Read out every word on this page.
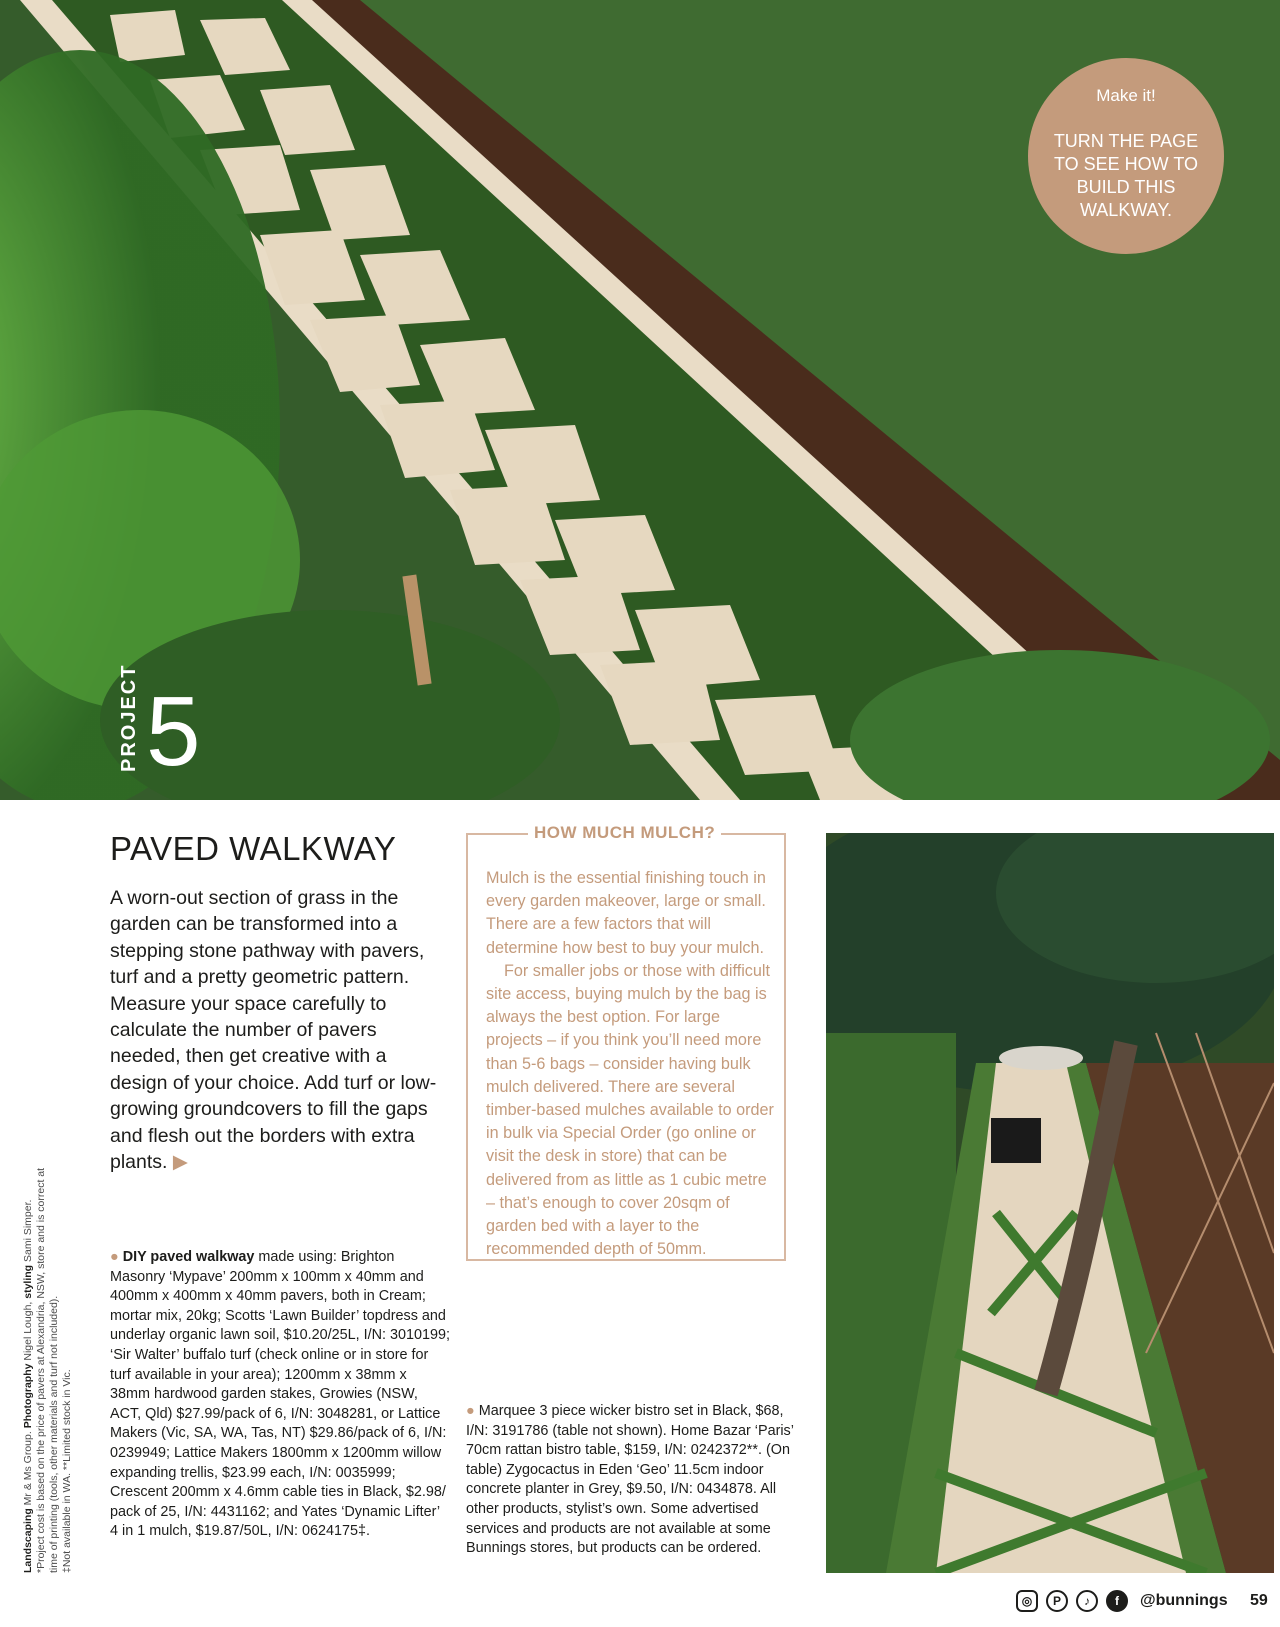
Make it!
TURN THE PAGE TO SEE HOW TO BUILD THIS WALKWAY.
PROJECT 5
PAVED WALKWAY
A worn-out section of grass in the garden can be transformed into a stepping stone pathway with pavers, turf and a pretty geometric pattern. Measure your space carefully to calculate the number of pavers needed, then get creative with a design of your choice. Add turf or low-growing groundcovers to fill the gaps and flesh out the borders with extra plants. ▶
● DIY paved walkway made using: Brighton Masonry ‘Mypave’ 200mm x 100mm x 40mm and 400mm x 400mm x 40mm pavers, both in Cream; mortar mix, 20kg; Scotts ‘Lawn Builder’ topdress and underlay organic lawn soil, $10.20/25L, I/N: 3010199; ‘Sir Walter’ buffalo turf (check online or in store for turf available in your area); 1200mm x 38mm x 38mm hardwood garden stakes, Growies (NSW, ACT, Qld) $27.99/pack of 6, I/N: 3048281, or Lattice Makers (Vic, SA, WA, Tas, NT) $29.86/pack of 6, I/N: 0239949; Lattice Makers 1800mm x 1200mm willow expanding trellis, $23.99 each, I/N: 0035999; Crescent 200mm x 4.6mm cable ties in Black, $2.98/ pack of 25, I/N: 4431162; and Yates ‘Dynamic Lifter’ 4 in 1 mulch, $19.87/50L, I/N: 0624175‡.
HOW MUCH MULCH?

Mulch is the essential finishing touch in every garden makeover, large or small. There are a few factors that will determine how best to buy your mulch.

For smaller jobs or those with difficult site access, buying mulch by the bag is always the best option. For large projects – if you think you’ll need more than 5-6 bags – consider having bulk mulch delivered. There are several timber-based mulches available to order in bulk via Special Order (go online or visit the desk in store) that can be delivered from as little as 1 cubic metre – that’s enough to cover 20sqm of garden bed with a layer to the recommended depth of 50mm.

● Marquee 3 piece wicker bistro set in Black, $68, I/N: 3191786 (table not shown). Home Bazar ‘Paris’ 70cm rattan bistro table, $159, I/N: 0242372**. (On table) Zygocactus in Eden ‘Geo’ 11.5cm indoor concrete planter in Grey, $9.50, I/N: 0434878. All other products, stylist’s own. Some advertised services and products are not available at some Bunnings stores, but products can be ordered.
Landscaping Mr & Ms Group. Photography Nigel Lough, styling Sami Simper. *Project cost is based on the price of pavers at Alexandria, NSW, store and is correct at time of printing (tools, other materials and turf not included). ‡Not available in WA. **Limited stock in Vic.
◎	P	♪	f	@bunnings 59
